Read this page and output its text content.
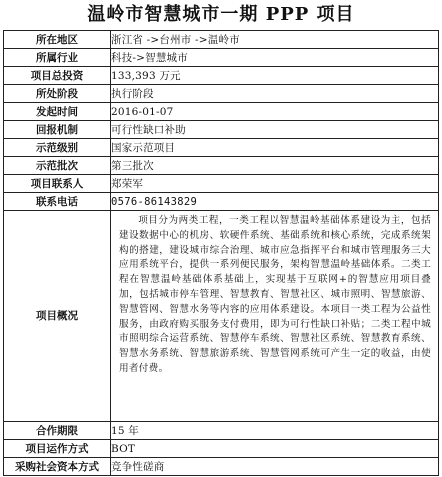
温岭市智慧城市一期 PPP 项目
所在地区	浙江省 ->台州市 ->温岭市
所属行业	科技->智慧城市
项目总投资	133,393 万元
所处阶段	执行阶段
发起时间	2016-01-07
回报机制	可行性缺口补助
示范级别	国家示范项目
示范批次	第三批次
项目联系人	郑荣军
联系电话	0576-86143829
项目概况	项目分为两类工程，一类工程以智慧温岭基础体系建设为主，包括建设数据中心的机房、软硬件系统、基础系统和核心系统，完成系统架构的搭建，建设城市综合治理、城市应急指挥平台和城市管理服务三大应用系统平台，提供一系列便民服务，架构智慧温岭基础体系。二类工程在智慧温岭基础体系基础上，实现基于互联网+的智慧应用项目叠加，包括城市停车管理、智慧教育、智慧社区、城市照明、智慧旅游、智慧管网、智慧水务等内容的应用体系建设。本项目一类工程为公益性服务，由政府购买服务支付费用，即为可行性缺口补贴；二类工程中城市照明综合运营系统、智慧停车系统、智慧社区系统、智慧教育系统、智慧水务系统、智慧旅游系统、智慧管网系统可产生一定的收益，由使用者付费。
合作期限	15 年
项目运作方式	BOT
采购社会资本方式	竞争性磋商
